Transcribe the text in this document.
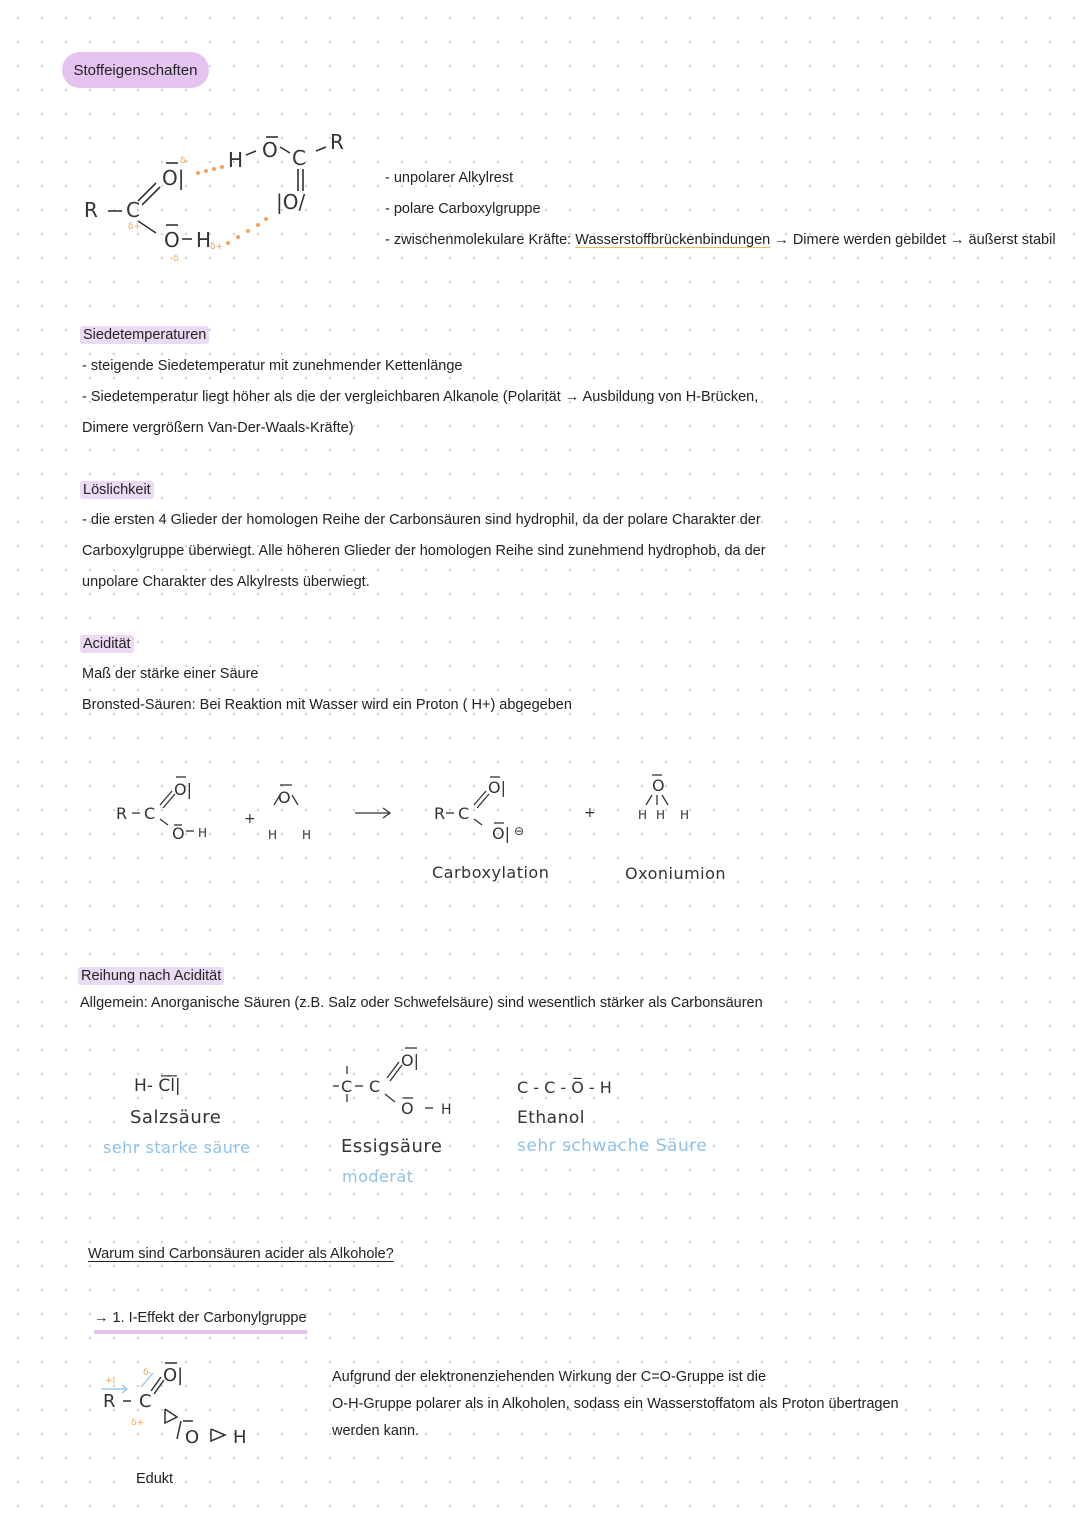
Stoffeigenschaften
R C
O|
O H
H O C
R
|O/
δ-
δ+
-δ
δ+
- unpolarer Alkylrest
- polare Carboxylgruppe
- zwischenmolekulare Kräfte: Wasserstoffbrückenbindungen → Dimere werden gebildet → äußerst stabil
Siedetemperaturen
- steigende Siedetemperatur mit zunehmender Kettenlänge
- Siedetemperatur liegt höher als die der vergleichbaren Alkanole (Polarität → Ausbildung von H-Brücken,
Dimere vergrößern Van-Der-Waals-Kräfte)
Löslichkeit
- die ersten 4 Glieder der homologen Reihe der Carbonsäuren sind hydrophil, da der polare Charakter der
Carboxylgruppe überwiegt. Alle höheren Glieder der homologen Reihe sind zunehmend hydrophob, da der
unpolare Charakter des Alkylrests überwiegt.
Acidität
Maß der stärke einer Säure
Bronsted-Säuren: Bei Reaktion mit Wasser wird ein Proton ( H+) abgegeben
R C
O|
O H
+
O
H H
R C
O|
O| ⊖
+
O
H H H
Carboxylation	Oxoniumion
Reihung nach Acidität
Allgemein: Anorganische Säuren (z.B. Salz oder Schwefelsäure) sind wesentlich stärker als Carbonsäuren
H- C̅l̅|
Salzsäure
sehr starke säure
C C
O|
O H
Essigsäure
moderat
C - C - O̅ - H
Ethanol
sehr schwache Säure
Warum sind Carbonsäuren acider als Alkohole?
→ 1. I-Effekt der Carbonylgruppe
R C
O|
O H
+I
δ-
δ+
Edukt
Aufgrund der elektronenziehenden Wirkung der C=O-Gruppe ist die
O-H-Gruppe polarer als in Alkoholen, sodass ein Wasserstoffatom als Proton übertragen
werden kann.
